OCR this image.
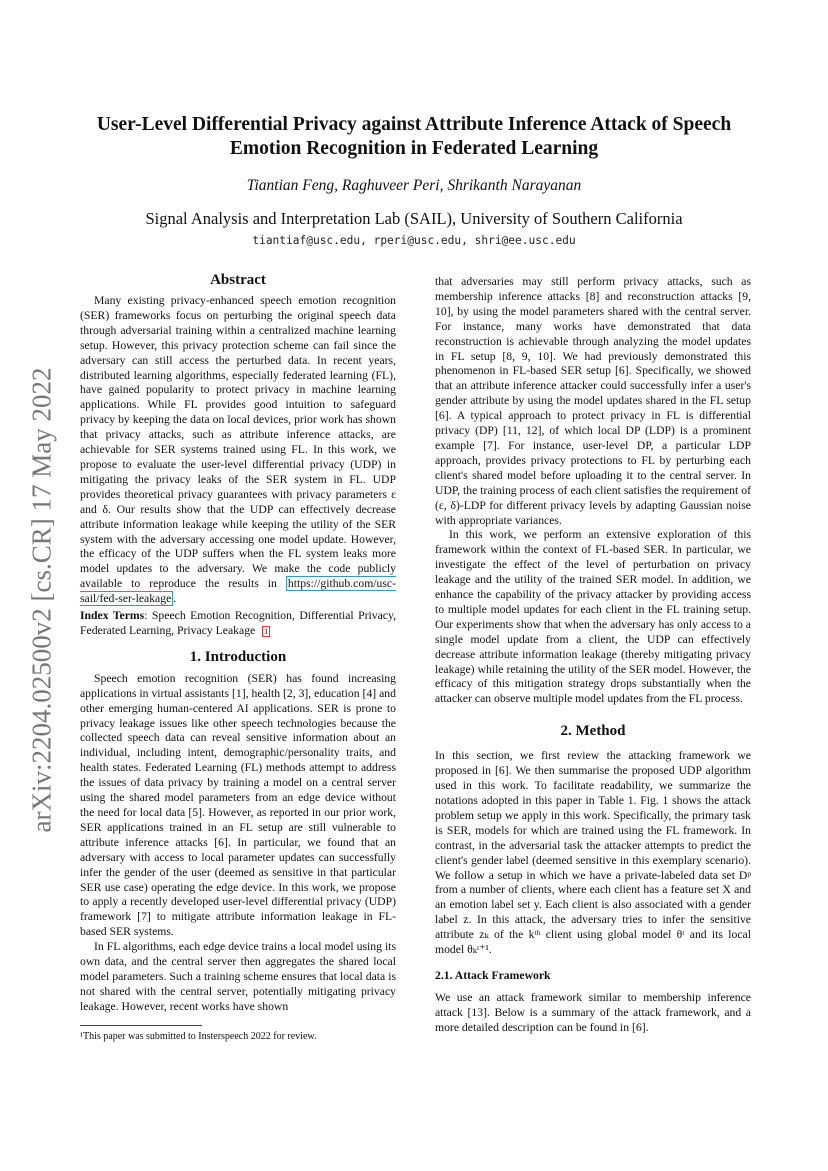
arXiv:2204.02500v2 [cs.CR] 17 May 2022
User-Level Differential Privacy against Attribute Inference Attack of Speech
Emotion Recognition in Federated Learning
Tiantian Feng, Raghuveer Peri, Shrikanth Narayanan
Signal Analysis and Interpretation Lab (SAIL), University of Southern California
tiantiaf@usc.edu, rperi@usc.edu, shri@ee.usc.edu
Abstract

Many existing privacy-enhanced speech emotion recognition (SER) frameworks focus on perturbing the original speech data through adversarial training within a centralized machine learning setup. However, this privacy protection scheme can fail since the adversary can still access the perturbed data. In recent years, distributed learning algorithms, especially federated learning (FL), have gained popularity to protect privacy in machine learning applications. While FL provides good intuition to safeguard privacy by keeping the data on local devices, prior work has shown that privacy attacks, such as attribute inference attacks, are achievable for SER systems trained using FL. In this work, we propose to evaluate the user-level differential privacy (UDP) in mitigating the privacy leaks of the SER system in FL. UDP provides theoretical privacy guarantees with privacy parameters ε and δ. Our results show that the UDP can effectively decrease attribute information leakage while keeping the utility of the SER system with the adversary accessing one model update. However, the efficacy of the UDP suffers when the FL system leaks more model updates to the adversary. We make the code publicly available to reproduce the results in https://github.com/usc-sail/fed-ser-leakage .

Index Terms: Speech Emotion Recognition, Differential Privacy, Federated Learning, Privacy Leakage 1

1. Introduction

Speech emotion recognition (SER) has found increasing applications in virtual assistants [1], health [2, 3], education [4] and other emerging human-centered AI applications. SER is prone to privacy leakage issues like other speech technologies because the collected speech data can reveal sensitive information about an individual, including intent, demographic/personality traits, and health states. Federated Learning (FL) methods attempt to address the issues of data privacy by training a model on a central server using the shared model parameters from an edge device without the need for local data [5]. However, as reported in our prior work, SER applications trained in an FL setup are still vulnerable to attribute inference attacks [6]. In particular, we found that an adversary with access to local parameter updates can successfully infer the gender of the user (deemed as sensitive in that particular SER use case) operating the edge device. In this work, we propose to apply a recently developed user-level differential privacy (UDP) framework [7] to mitigate attribute information leakage in FL-based SER systems.

In FL algorithms, each edge device trains a local model using its own data, and the central server then aggregates the shared local model parameters. Such a training scheme ensures that local data is not shared with the central server, potentially mitigating privacy leakage. However, recent works have shown

¹This paper was submitted to Insterspeech 2022 for review.

that adversaries may still perform privacy attacks, such as membership inference attacks [8] and reconstruction attacks [9, 10], by using the model parameters shared with the central server. For instance, many works have demonstrated that data reconstruction is achievable through analyzing the model updates in FL setup [8, 9, 10]. We had previously demonstrated this phenomenon in FL-based SER setup [6]. Specifically, we showed that an attribute inference attacker could successfully infer a user's gender attribute by using the model updates shared in the FL setup [6]. A typical approach to protect privacy in FL is differential privacy (DP) [11, 12], of which local DP (LDP) is a prominent example [7]. For instance, user-level DP, a particular LDP approach, provides privacy protections to FL by perturbing each client's shared model before uploading it to the central server. In UDP, the training process of each client satisfies the requirement of (ε, δ)-LDP for different privacy levels by adapting Gaussian noise with appropriate variances.

In this work, we perform an extensive exploration of this framework within the context of FL-based SER. In particular, we investigate the effect of the level of perturbation on privacy leakage and the utility of the trained SER model. In addition, we enhance the capability of the privacy attacker by providing access to multiple model updates for each client in the FL training setup. Our experiments show that when the adversary has only access to a single model update from a client, the UDP can effectively decrease attribute information leakage (thereby mitigating privacy leakage) while retaining the utility of the SER model. However, the efficacy of this mitigation strategy drops substantially when the attacker can observe multiple model updates from the FL process.

2. Method

In this section, we first review the attacking framework we proposed in [6]. We then summarise the proposed UDP algorithm used in this work. To facilitate readability, we summarize the notations adopted in this paper in Table 1. Fig. 1 shows the attack problem setup we apply in this work. Specifically, the primary task is SER, models for which are trained using the FL framework. In contrast, in the adversarial task the attacker attempts to predict the client's gender label (deemed sensitive in this exemplary scenario). We follow a setup in which we have a private-labeled data set Dᵖ from a number of clients, where each client has a feature set X and an emotion label set y. Each client is also associated with a gender label z. In this attack, the adversary tries to infer the sensitive attribute zₖ of the kᵗʰ client using global model θᵗ and its local model θₖᵗ⁺¹.

2.1. Attack Framework

We use an attack framework similar to membership inference attack [13]. Below is a summary of the attack framework, and a more detailed description can be found in [6].
